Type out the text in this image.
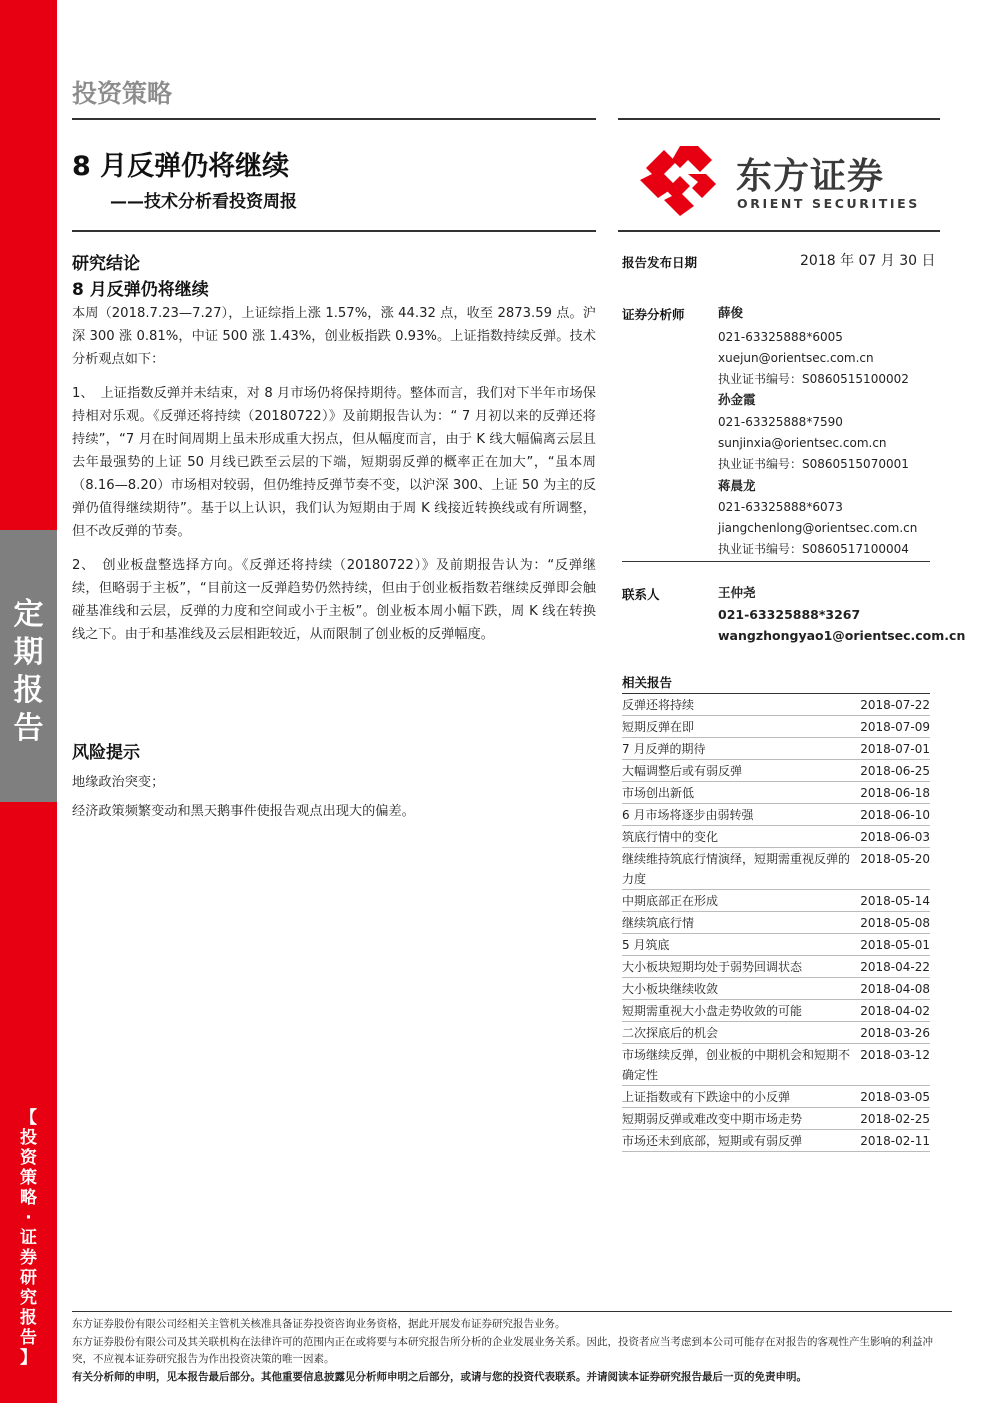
定
期
报
告
【
投
资
策
略
·
证
券
研
究
报
告
】
投资策略
8 月反弹仍将继续
——技术分析看投资周报
东方证券
ORIENT SECURITIES
研究结论
8 月反弹仍将继续

本周（2018.7.23—7.27），上证综指上涨 1.57%，涨 44.32 点，收至 2873.59 点。沪深 300 涨 0.81%，中证 500 涨 1.43%，创业板指跌 0.93%。上证指数持续反弹。技术分析观点如下：

1、　上证指数反弹并未结束，对 8 月市场仍将保持期待。整体而言，我们对下半年市场保持相对乐观。《反弹还将持续（20180722）》及前期报告认为：“ 7 月初以来的反弹还将持续”，“7 月在时间周期上虽未形成重大拐点，但从幅度而言，由于 K 线大幅偏离云层且去年最强势的上证 50 月线已跌至云层的下端，短期弱反弹的概率正在加大”，“虽本周（8.16—8.20）市场相对较弱，但仍维持反弹节奏不变，以沪深 300、上证 50 为主的反弹仍值得继续期待”。基于以上认识，我们认为短期由于周 K 线接近转换线或有所调整，但不改反弹的节奏。

2、　创业板盘整选择方向。《反弹还将持续（20180722）》及前期报告认为：“反弹继续，但略弱于主板”，“目前这一反弹趋势仍然持续，但由于创业板指数若继续反弹即会触碰基准线和云层，反弹的力度和空间或小于主板”。创业板本周小幅下跌，周 K 线在转换线之下。由于和基准线及云层相距较近，从而限制了创业板的反弹幅度。

风险提示
地缘政治突变；
经济政策频繁变动和黑天鹅事件使报告观点出现大的偏差。
报告发布日期	2018 年 07 月 30 日
证券分析师	薛俊
021-63325888*6005
xuejun@orientsec.com.cn
执业证书编号：S0860515100002
孙金霞
021-63325888*7590
sunjinxia@orientsec.com.cn
执业证书编号：S0860515070001
蒋晨龙
021-63325888*6073
jiangchenlong@orientsec.com.cn
执业证书编号：S0860517100004
联系人	王仲尧
021-63325888*3267
wangzhongyao1@orientsec.com.cn
相关报告
反弹还将持续	2018-07-22
短期反弹在即	2018-07-09
7 月反弹的期待	2018-07-01
大幅调整后或有弱反弹	2018-06-25
市场创出新低	2018-06-18
6 月市场将逐步由弱转强	2018-06-10
筑底行情中的变化	2018-06-03
继续维持筑底行情演绎，短期需重视反弹的力度
2018-05-20
中期底部正在形成	2018-05-14
继续筑底行情	2018-05-08
5 月筑底	2018-05-01
大小板块短期均处于弱势回调状态	2018-04-22
大小板块继续收敛	2018-04-08
短期需重视大小盘走势收敛的可能	2018-04-02
二次探底后的机会	2018-03-26
市场继续反弹，创业板的中期机会和短期不确定性
2018-03-12
上证指数或有下跌途中的小反弹	2018-03-05
短期弱反弹或难改变中期市场走势	2018-02-25
市场还未到底部，短期或有弱反弹	2018-02-11
东方证券股份有限公司经相关主管机关核准具备证券投资咨询业务资格，据此开展发布证券研究报告业务。
东方证券股份有限公司及其关联机构在法律许可的范围内正在或将要与本研究报告所分析的企业发展业务关系。因此，投资者应当考虑到本公司可能存在对报告的客观性产生影响的利益冲突，不应视本证券研究报告为作出投资决策的唯一因素。
有关分析师的申明，见本报告最后部分。其他重要信息披露见分析师申明之后部分，或请与您的投资代表联系。并请阅读本证券研究报告最后一页的免责申明。
